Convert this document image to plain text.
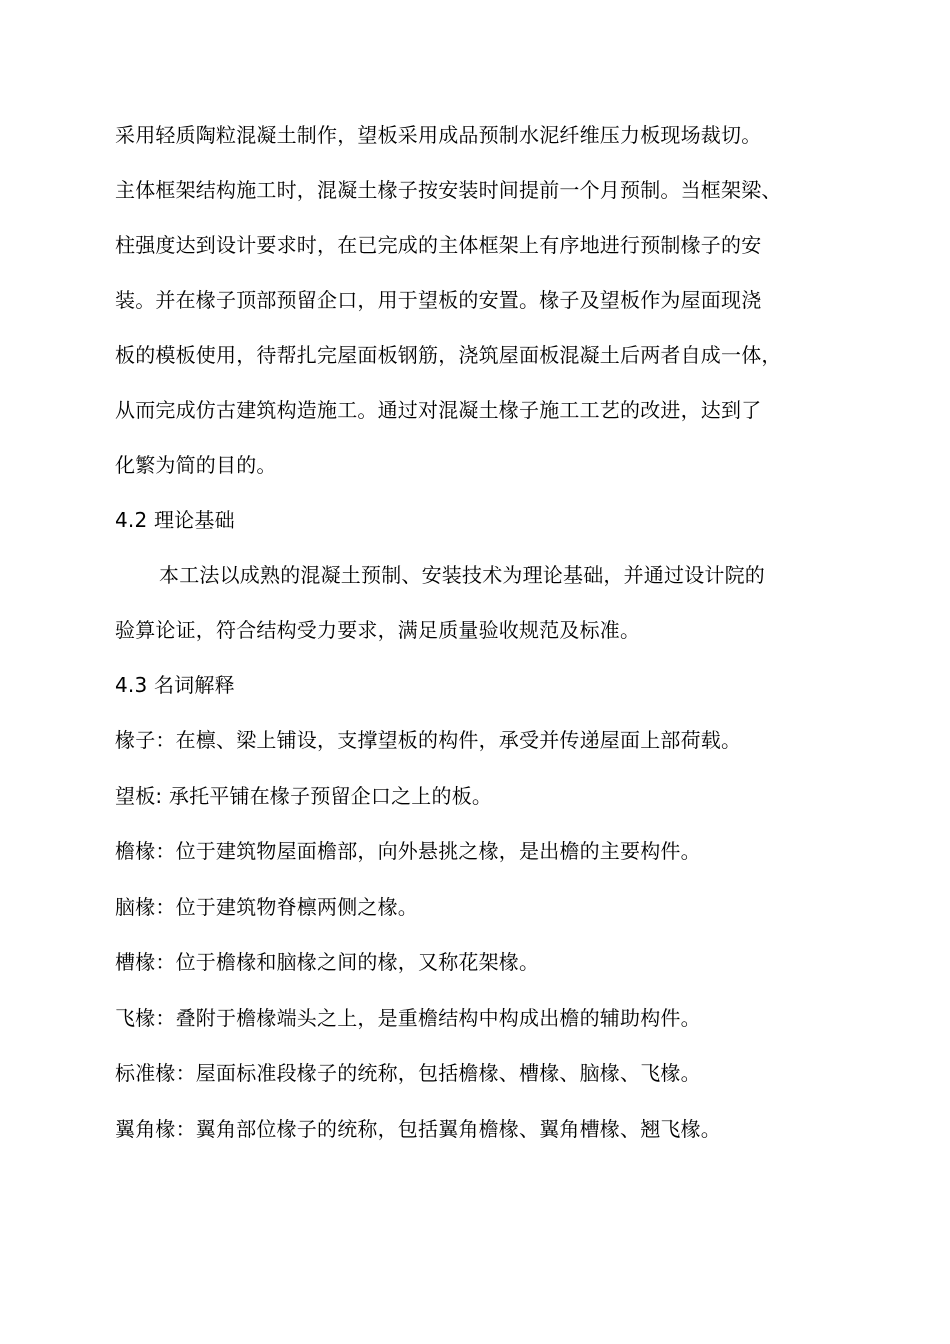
采用轻质陶粒混凝土制作，望板采用成品预制水泥纤维压力板现场裁切。
主体框架结构施工时，混凝土椽子按安装时间提前一个月预制。当框架梁、
柱强度达到设计要求时，在已完成的主体框架上有序地进行预制椽子的安
装。并在椽子顶部预留企口，用于望板的安置。椽子及望板作为屋面现浇
板的模板使用，待帮扎完屋面板钢筋，浇筑屋面板混凝土后两者自成一体，
从而完成仿古建筑构造施工。通过对混凝土椽子施工工艺的改进，达到了
化繁为简的目的。
4.2 理论基础
本工法以成熟的混凝土预制、安装技术为理论基础，并通过设计院的
验算论证，符合结构受力要求，满足质量验收规范及标准。
4.3 名词解释
椽子：在檩、梁上铺设，支撑望板的构件，承受并传递屋面上部荷载。
望板: 承托平铺在椽子预留企口之上的板。
檐椽：位于建筑物屋面檐部，向外悬挑之椽，是出檐的主要构件。
脑椽：位于建筑物脊檩两侧之椽。
槽椽：位于檐椽和脑椽之间的椽，又称花架椽。
飞椽：叠附于檐椽端头之上，是重檐结构中构成出檐的辅助构件。
标准椽：屋面标准段椽子的统称，包括檐椽、槽椽、脑椽、飞椽。
翼角椽：翼角部位椽子的统称，包括翼角檐椽、翼角槽椽、翘飞椽。
